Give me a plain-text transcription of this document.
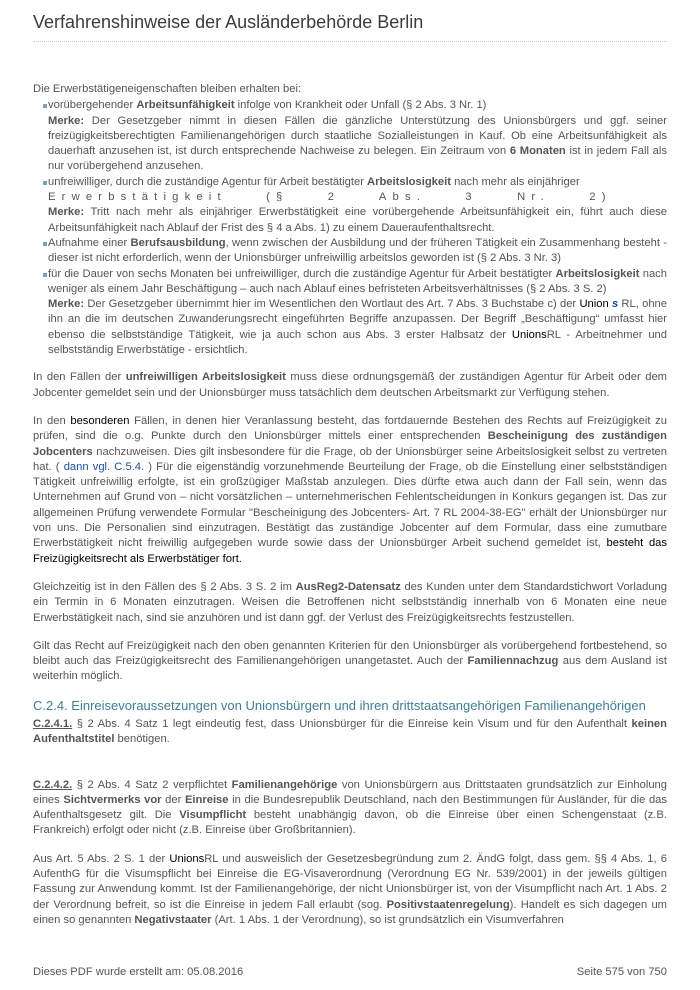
Verfahrenshinweise der Ausländerbehörde Berlin

Die Erwerbstätigeneigenschaften bleiben erhalten bei:

vorübergehender Arbeitsunfähigkeit infolge von Krankheit oder Unfall (§ 2 Abs. 3 Nr. 1)
Merke: Der Gesetzgeber nimmt in diesen Fällen die gänzliche Unterstützung des Unionsbürgers und ggf. seiner freizügigkeitsberechtigten Familienangehörigen durch staatliche Sozialleistungen in Kauf. Ob eine Arbeitsunfähigkeit als dauerhaft anzusehen ist, ist durch entsprechende Nachweise zu belegen. Ein Zeitraum von 6 Monaten ist in jedem Fall als nur vorübergehend anzusehen.
unfreiwilliger, durch die zuständige Agentur für Arbeit bestätigter Arbeitslosigkeit nach mehr als einjähriger
Erwerbstätigkeit (§ 2 Abs. 3 Nr. 2)
Merke: Tritt nach mehr als einjähriger Erwerbstätigkeit eine vorübergehende Arbeitsunfähigkeit ein, führt auch diese Arbeitsunfähigkeit nach Ablauf der Frist des § 4 a Abs. 1) zu einem Daueraufenthaltsrecht.
Aufnahme einer Berufsausbildung, wenn zwischen der Ausbildung und der früheren Tätigkeit ein Zusammenhang besteht - dieser ist nicht erforderlich, wenn der Unionsbürger unfreiwillig arbeitslos geworden ist (§ 2 Abs. 3 Nr. 3)
für die Dauer von sechs Monaten bei unfreiwilliger, durch die zuständige Agentur für Arbeit bestätigter Arbeitslosigkeit nach weniger als einem Jahr Beschäftigung – auch nach Ablauf eines befristeten Arbeitsverhältnisses (§ 2 Abs. 3 S. 2)
Merke: Der Gesetzgeber übernimmt hier im Wesentlichen den Wortlaut des Art. 7 Abs. 3 Buchstabe c) der Union s RL, ohne ihn an die im deutschen Zuwanderungsrecht eingeführten Begriffe anzupassen. Der Begriff „Beschäftigung“ umfasst hier ebenso die selbstständige Tätigkeit, wie ja auch schon aus Abs. 3 erster Halbsatz der UnionsRL - Arbeitnehmer und selbstständig Erwerbstätige - ersichtlich.

In den Fällen der unfreiwilligen Arbeitslosigkeit muss diese ordnungsgemäß der zuständigen Agentur für Arbeit oder dem Jobcenter gemeldet sein und der Unionsbürger muss tatsächlich dem deutschen Arbeitsmarkt zur Verfügung stehen.

In den besonderen Fällen, in denen hier Veranlassung besteht, das fortdauernde Bestehen des Rechts auf Freizügigkeit zu prüfen, sind die o.g. Punkte durch den Unionsbürger mittels einer entsprechenden Bescheinigung des zuständigen Jobcenters nachzuweisen. Dies gilt insbesondere für die Frage, ob der Unionsbürger seine Arbeitslosigkeit selbst zu vertreten hat. ( dann vgl. C.5.4. ) Für die eigenständig vorzunehmende Beurteilung der Frage, ob die Einstellung einer selbstständigen Tätigkeit unfreiwillig erfolgte, ist ein großzügiger Maßstab anzulegen. Dies dürfte etwa auch dann der Fall sein, wenn das Unternehmen auf Grund von – nicht vorsätzlichen – unternehmerischen Fehlentscheidungen in Konkurs gegangen ist. Das zur allgemeinen Prüfung verwendete Formular "Bescheinigung des Jobcenters- Art. 7 RL 2004-38-EG" erhält der Unionsbürger nur von uns. Die Personalien sind einzutragen. Bestätigt das zuständige Jobcenter auf dem Formular, dass eine zumutbare Erwerbstätigkeit nicht freiwillig aufgegeben wurde sowie dass der Unionsbürger Arbeit suchend gemeldet ist, besteht das Freizügigkeitsrecht als Erwerbstätiger fort.

Gleichzeitig ist in den Fällen des § 2 Abs. 3 S. 2 im AusReg2-Datensatz des Kunden unter dem Standardstichwort Vorladung ein Termin in 6 Monaten einzutragen. Weisen die Betroffenen nicht selbstständig innerhalb von 6 Monaten eine neue Erwerbstätigkeit nach, sind sie anzuhören und ist dann ggf. der Verlust des Freizügigkeitsrechts festzustellen.

Gilt das Recht auf Freizügigkeit nach den oben genannten Kriterien für den Unionsbürger als vorübergehend fortbestehend, so bleibt auch das Freizügigkeitsrecht des Familienangehörigen unangetastet. Auch der Familiennachzug aus dem Ausland ist weiterhin möglich.

C.2.4. Einreisevoraussetzungen von Unionsbürgern und ihren drittstaatsangehörigen Familienangehörigen

C.2.4.1. § 2 Abs. 4 Satz 1 legt eindeutig fest, dass Unionsbürger für die Einreise kein Visum und für den Aufenthalt keinen Aufenthaltstitel benötigen.

C.2.4.2. § 2 Abs. 4 Satz 2 verpflichtet Familienangehörige von Unionsbürgern aus Drittstaaten grundsätzlich zur Einholung eines Sichtvermerks vor der Einreise in die Bundesrepublik Deutschland, nach den Bestimmungen für Ausländer, für die das Aufenthaltsgesetz gilt. Die Visumpflicht besteht unabhängig davon, ob die Einreise über einen Schengenstaat (z.B. Frankreich) erfolgt oder nicht (z.B. Einreise über Großbritannien).

Aus Art. 5 Abs. 2 S. 1 der UnionsRL und ausweislich der Gesetzesbegründung zum 2. ÄndG folgt, dass gem. §§ 4 Abs. 1, 6 AufenthG für die Visumspflicht bei Einreise die EG-Visaverordnung (Verordnung EG Nr. 539/2001) in der jeweils gültigen Fassung zur Anwendung kommt. Ist der Familienangehörige, der nicht Unionsbürger ist, von der Visumpflicht nach Art. 1 Abs. 2 der Verordnung befreit, so ist die Einreise in jedem Fall erlaubt (sog. Positivstaatenregelung). Handelt es sich dagegen um einen so genannten Negativstaater (Art. 1 Abs. 1 der Verordnung), so ist grundsätzlich ein Visumverfahren

Dieses PDF wurde erstellt am: 05.08.2016	Seite 575 von 750
